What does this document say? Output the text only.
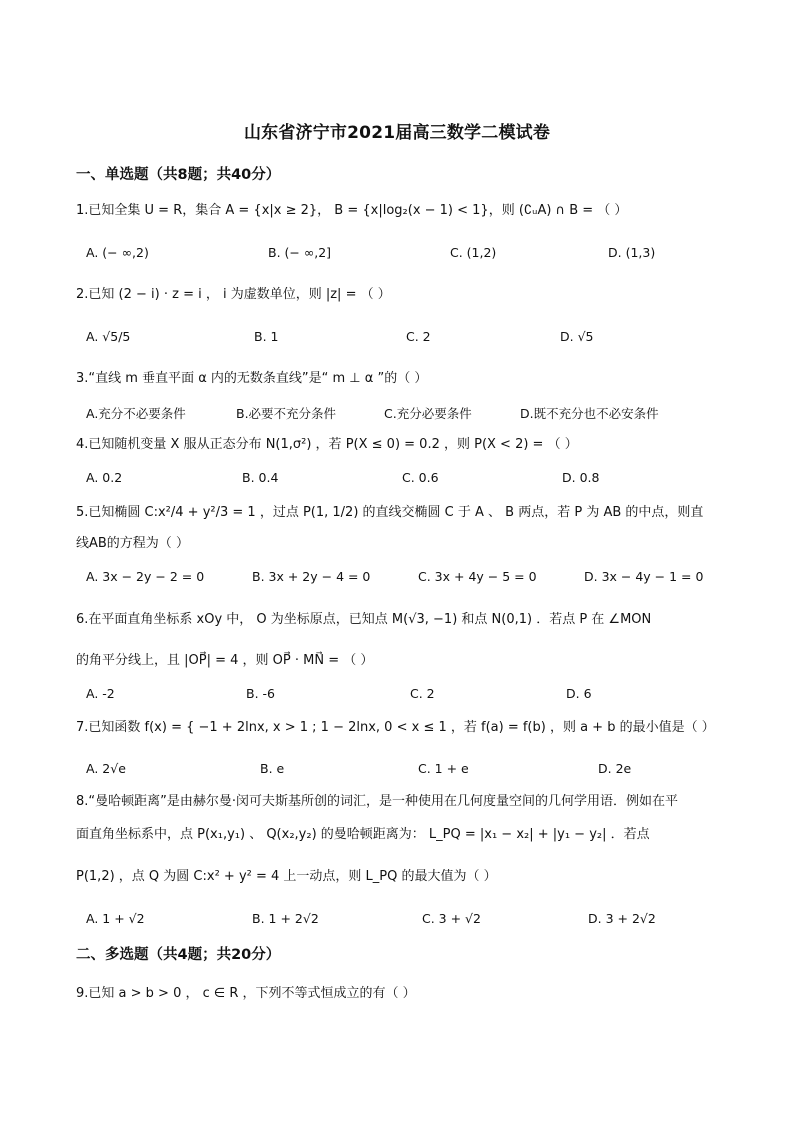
山东省济宁市2021届高三数学二模试卷
一、单选题（共8题；共40分）
1.已知全集 U = R，集合 A = {x|x ≥ 2}， B = {x|log₂(x − 1) < 1}，则 (∁ᵤA) ∩ B = （ ）
A. (− ∞,2)	B. (− ∞,2]	C. (1,2)	D. (1,3)
2.已知 (2 − i) · z = i ， i 为虚数单位，则 |z| = （ ）
A. √5/5	B. 1	C. 2	D. √5
3.“直线 m 垂直平面 α 内的无数条直线”是“ m ⊥ α ”的（ ）
A.充分不必要条件	B.必要不充分条件	C.充分必要条件	D.既不充分也不必安条件
4.已知随机变量 X 服从正态分布 N(1,σ²) ，若 P(X ≤ 0) = 0.2 ，则 P(X < 2) = （ ）
A. 0.2	B. 0.4	C. 0.6	D. 0.8
5.已知椭圆 C:x²/4 + y²/3 = 1 ，过点 P(1, 1/2) 的直线交椭圆 C 于 A 、 B 两点，若 P 为 AB 的中点，则直
线AB的方程为（ ）
A. 3x − 2y − 2 = 0	B. 3x + 2y − 4 = 0	C. 3x + 4y − 5 = 0	D. 3x − 4y − 1 = 0
6.在平面直角坐标系 xOy 中， O 为坐标原点，已知点 M(√3, −1) 和点 N(0,1) ．若点 P 在 ∠MON
的角平分线上，且 |OP⃗| = 4 ，则 OP⃗ · MN⃗ = （ ）
A. -2	B. -6	C. 2	D. 6
7.已知函数 f(x) = { −1 + 2lnx, x > 1 ; 1 − 2lnx, 0 < x ≤ 1 ，若 f(a) = f(b) ，则 a + b 的最小值是（ ）
A. 2√e	B. e	C. 1 + e	D. 2e
8.“曼哈顿距离”是由赫尔曼·闵可夫斯基所创的词汇，是一种使用在几何度量空间的几何学用语．例如在平
面直角坐标系中，点 P(x₁,y₁) 、 Q(x₂,y₂) 的曼哈顿距离为： L_PQ = |x₁ − x₂| + |y₁ − y₂| ．若点
P(1,2) ，点 Q 为圆 C:x² + y² = 4 上一动点，则 L_PQ 的最大值为（ ）
A. 1 + √2	B. 1 + 2√2	C. 3 + √2	D. 3 + 2√2
二、多选题（共4题；共20分）
9.已知 a > b > 0 ， c ∈ R ，下列不等式恒成立的有（ ）
